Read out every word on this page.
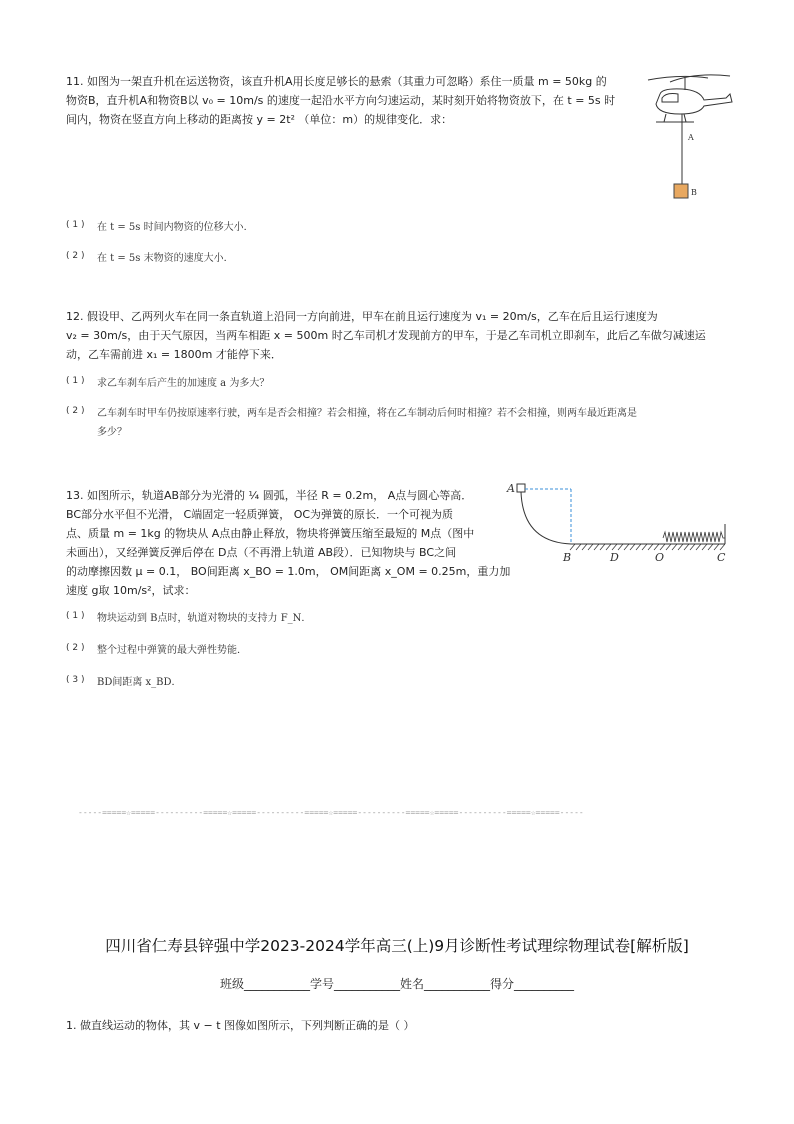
11. 如图为一架直升机在运送物资，该直升机A用长度足够长的悬索（其重力可忽略）系住一质量 m = 50kg 的

物资B，直升机A和物资B以 v₀ = 10m/s 的速度一起沿水平方向匀速运动，某时刻开始将物资放下，在 t = 5s 时

间内，物资在竖直方向上移动的距离按 y = 2t² （单位：m）的规律变化．求：

A
B
( 1 ) 在 t = 5s 时间内物资的位移大小．
( 2 ) 在 t = 5s 末物资的速度大小．

12. 假设甲、乙两列火车在同一条直轨道上沿同一方向前进，甲车在前且运行速度为 v₁ = 20m/s，乙车在后且运行速度为

v₂ = 30m/s，由于天气原因，当两车相距 x = 500m 时乙车司机才发现前方的甲车，于是乙车司机立即刹车，此后乙车做匀减速运

动，乙车需前进 x₁ = 1800m 才能停下来．

( 1 ) 求乙车刹车后产生的加速度 a 为多大？
( 2 ) 乙车刹车时甲车仍按原速率行驶，两车是否会相撞？若会相撞，将在乙车制动后何时相撞？若不会相撞，则两车最近距离是
多少？

13. 如图所示，轨道AB部分为光滑的 ¼ 圆弧，半径 R = 0.2m， A点与圆心等高．

BC部分水平但不光滑， C端固定一轻质弹簧， OC为弹簧的原长．一个可视为质

点、质量 m = 1kg 的物块从 A点由静止释放，物块将弹簧压缩至最短的 M点（图中

未画出），又经弹簧反弹后停在 D点（不再滑上轨道 AB段）．已知物块与 BC之间

的动摩擦因数 μ = 0.1， BO间距离 x_BO = 1.0m， OM间距离 x_OM = 0.25m，重力加

速度 g取 10m/s²，试求：

A
B	D	O	C
( 1 ) 物块运动到 B点时，轨道对物块的支持力 F_N．
( 2 ) 整个过程中弹簧的最大弹性势能．
( 3 ) BD间距离 x_BD．
-----=====☆=====----------=====☆=====----------=====☆=====----------=====☆=====----------=====☆=====-----
四川省仁寿县锌强中学2023-2024学年高三(上)9月诊断性考试理综物理试卷[解析版]
班级___________学号___________姓名___________得分__________
1. 做直线运动的物体，其 v − t 图像如图所示，下列判断正确的是（ ）
